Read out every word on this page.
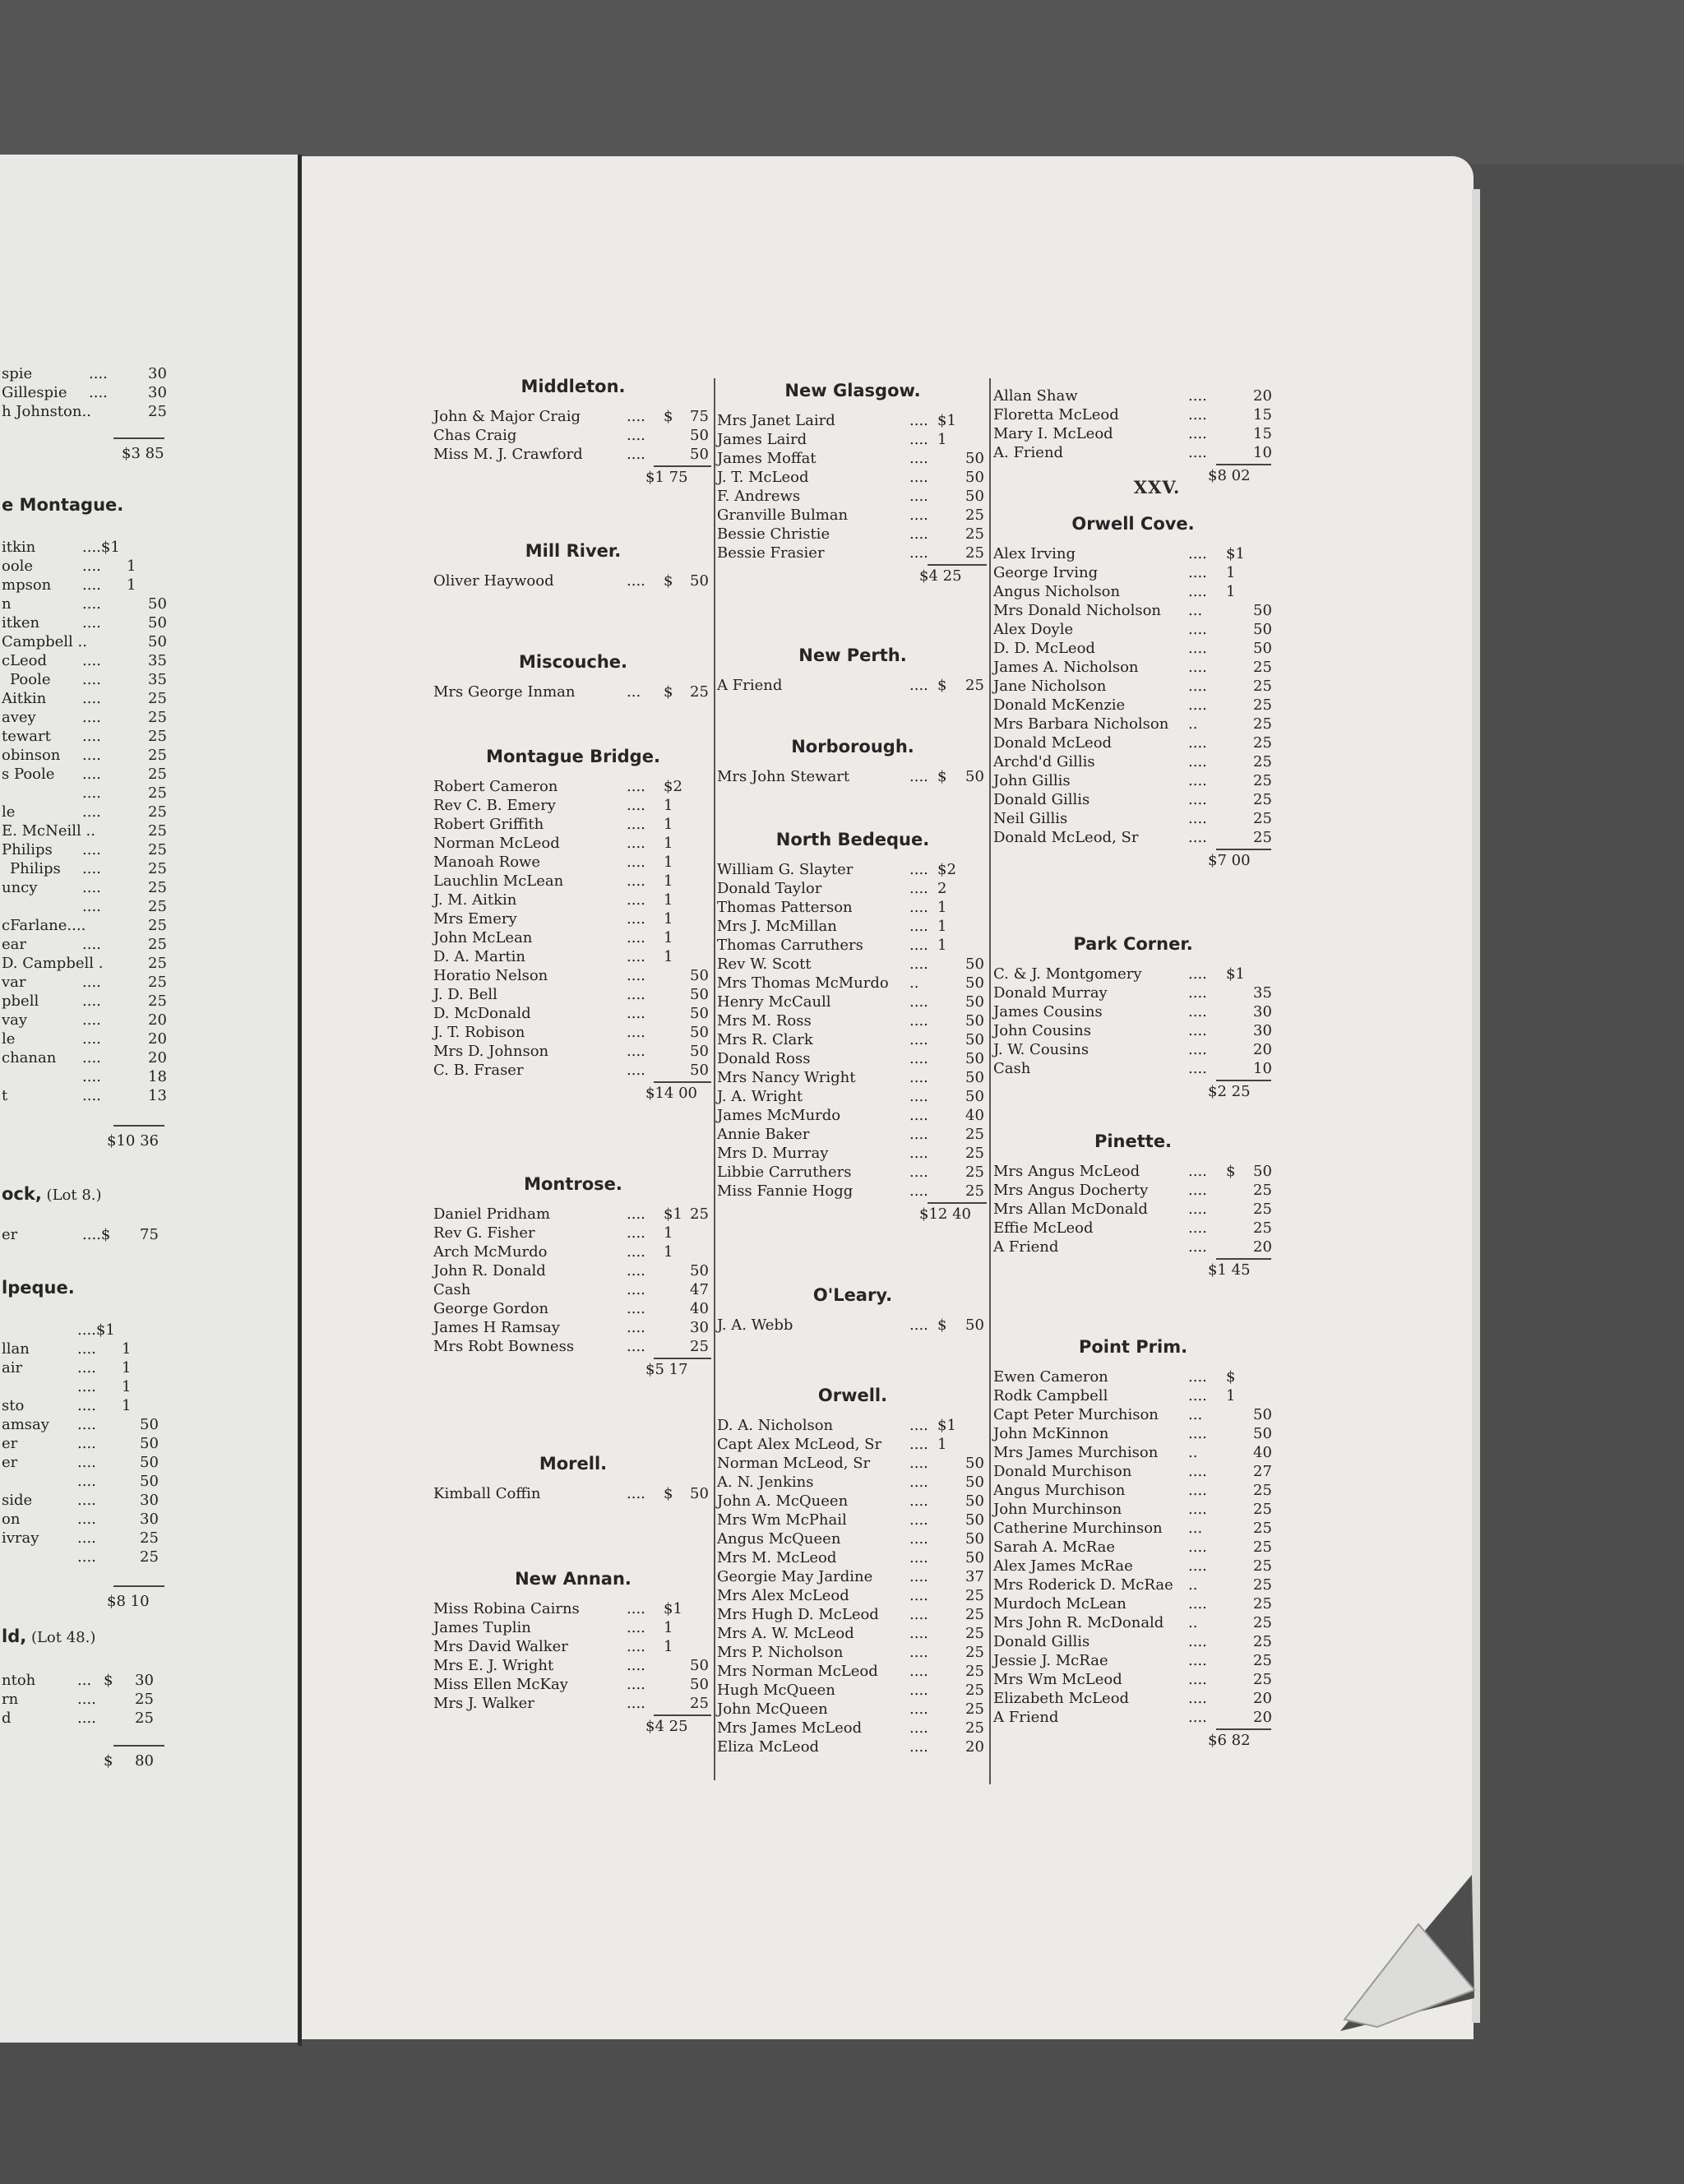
spie	....	30
Gillespie ....	30
h Johnston..	25
$3 85
itkin	....$1
oole	.... 1
mpson .... 1
n	....	50
itken	....	50
Campbell ..	50
cLeod ....	35
Poole ....	35
Aitkin ....	25
avey	....	25
tewart ....	25
obinson ....	25
s Poole ....	25
....	25
le	....	25
E. McNeill ..	25
Philips ....	25
Philips ....	25
uncy	....	25
....	25
cFarlane....	25
ear	....	25
D. Campbell .	25
var	....	25
pbell	....	25
vay	....	20
le	....	20
chanan ....	20
....	18
t	....	13
$10 36
er	....$ 75
....$1
llan	.... 1
air	.... 1
.... 1
sto	.... 1
amsay ....	50
er	....	50
er	....	50
....	50
side	....	30
on	....	30
ivray	....	25
....	25
$8 10
ntoh	... $ 30
rn	....	25
d	....	25
$ 80
e Montague.
ock, (Lot 8.)
lpeque.
ld, (Lot 48.)
XXV.
Middleton.
John & Major Craig	.... $ 75
Chas Craig	....	50
Miss M. J. Crawford	....	50
$1 75
Mill River.
Oliver Haywood	.... $ 50
Miscouche.
Mrs George Inman	... $ 25
Montague Bridge.
Robert Cameron	.... $2
Rev C. B. Emery	.... 1
Robert Griffith	.... 1
Norman McLeod	.... 1
Manoah Rowe	.... 1
Lauchlin McLean	.... 1
J. M. Aitkin	.... 1
Mrs Emery	.... 1
John McLean	.... 1
D. A. Martin	.... 1
Horatio Nelson	....	50
J. D. Bell	....	50
D. McDonald	....	50
J. T. Robison	....	50
Mrs D. Johnson	....	50
C. B. Fraser	....	50
$14 00
Montrose.
Daniel Pridham	.... $1 25
Rev G. Fisher	.... 1
Arch McMurdo	.... 1
John R. Donald	....	50
Cash	....	47
George Gordon	....	40
James H Ramsay	....	30
Mrs Robt Bowness	....	25
$5 17
Morell.
Kimball Coffin	.... $ 50
New Annan.
Miss Robina Cairns	.... $1
James Tuplin	.... 1
Mrs David Walker	.... 1
Mrs E. J. Wright	....	50
Miss Ellen McKay	....	50
Mrs J. Walker	....	25
$4 25
New Glasgow.
Mrs Janet Laird	.... $1
James Laird	.... 1
James Moffat	....	50
J. T. McLeod	....	50
F. Andrews	....	50
Granville Bulman	....	25
Bessie Christie	....	25
Bessie Frasier	....	25
$4 25
New Perth.
A Friend	.... $ 25
Norborough.
Mrs John Stewart	.... $ 50
North Bedeque.
William G. Slayter	.... $2
Donald Taylor	.... 2
Thomas Patterson	.... 1
Mrs J. McMillan	.... 1
Thomas Carruthers	.... 1
Rev W. Scott	....	50
Mrs Thomas McMurdo ..	50
Henry McCaull	....	50
Mrs M. Ross	....	50
Mrs R. Clark	....	50
Donald Ross	....	50
Mrs Nancy Wright	....	50
J. A. Wright	....	50
James McMurdo	....	40
Annie Baker	....	25
Mrs D. Murray	....	25
Libbie Carruthers	....	25
Miss Fannie Hogg	....	25
$12 40
O'Leary.
J. A. Webb	.... $ 50
Orwell.
D. A. Nicholson	.... $1
Capt Alex McLeod, Sr .... 1
Norman McLeod, Sr	....	50
A. N. Jenkins	....	50
John A. McQueen	....	50
Mrs Wm McPhail	....	50
Angus McQueen	....	50
Mrs M. McLeod	....	50
Georgie May Jardine ....	37
Mrs Alex McLeod	....	25
Mrs Hugh D. McLeod ....	25
Mrs A. W. McLeod	....	25
Mrs P. Nicholson	....	25
Mrs Norman McLeod ....	25
Hugh McQueen	....	25
John McQueen	....	25
Mrs James McLeod	....	25
Eliza McLeod	....	20
Allan Shaw	....	20
Floretta McLeod	....	15
Mary I. McLeod	....	15
A. Friend	....	10
$8 02
Orwell Cove.
Alex Irving	.... $1
George Irving	.... 1
Angus Nicholson	.... 1
Mrs Donald Nicholson ...	50
Alex Doyle	....	50
D. D. McLeod	....	50
James A. Nicholson	....	25
Jane Nicholson	....	25
Donald McKenzie	....	25
Mrs Barbara Nicholson ..	25
Donald McLeod	....	25
Archd'd Gillis	....	25
John Gillis	....	25
Donald Gillis	....	25
Neil Gillis	....	25
Donald McLeod, Sr	....	25
$7 00
Park Corner.
C. & J. Montgomery	.... $1
Donald Murray	....	35
James Cousins	....	30
John Cousins	....	30
J. W. Cousins	....	20
Cash	....	10
$2 25
Pinette.
Mrs Angus McLeod	.... $ 50
Mrs Angus Docherty	....	25
Mrs Allan McDonald	....	25
Effie McLeod	....	25
A Friend	....	20
$1 45
Point Prim.
Ewen Cameron	.... $
Rodk Campbell	.... 1
Capt Peter Murchison ...	50
John McKinnon	....	50
Mrs James Murchison ..	40
Donald Murchison	....	27
Angus Murchison	....	25
John Murchinson	....	25
Catherine Murchinson ...	25
Sarah A. McRae	....	25
Alex James McRae	....	25
Mrs Roderick D. McRae ..	25
Murdoch McLean	....	25
Mrs John R. McDonald ..	25
Donald Gillis	....	25
Jessie J. McRae	....	25
Mrs Wm McLeod	....	25
Elizabeth McLeod	....	20
A Friend	....	20
$6 82
